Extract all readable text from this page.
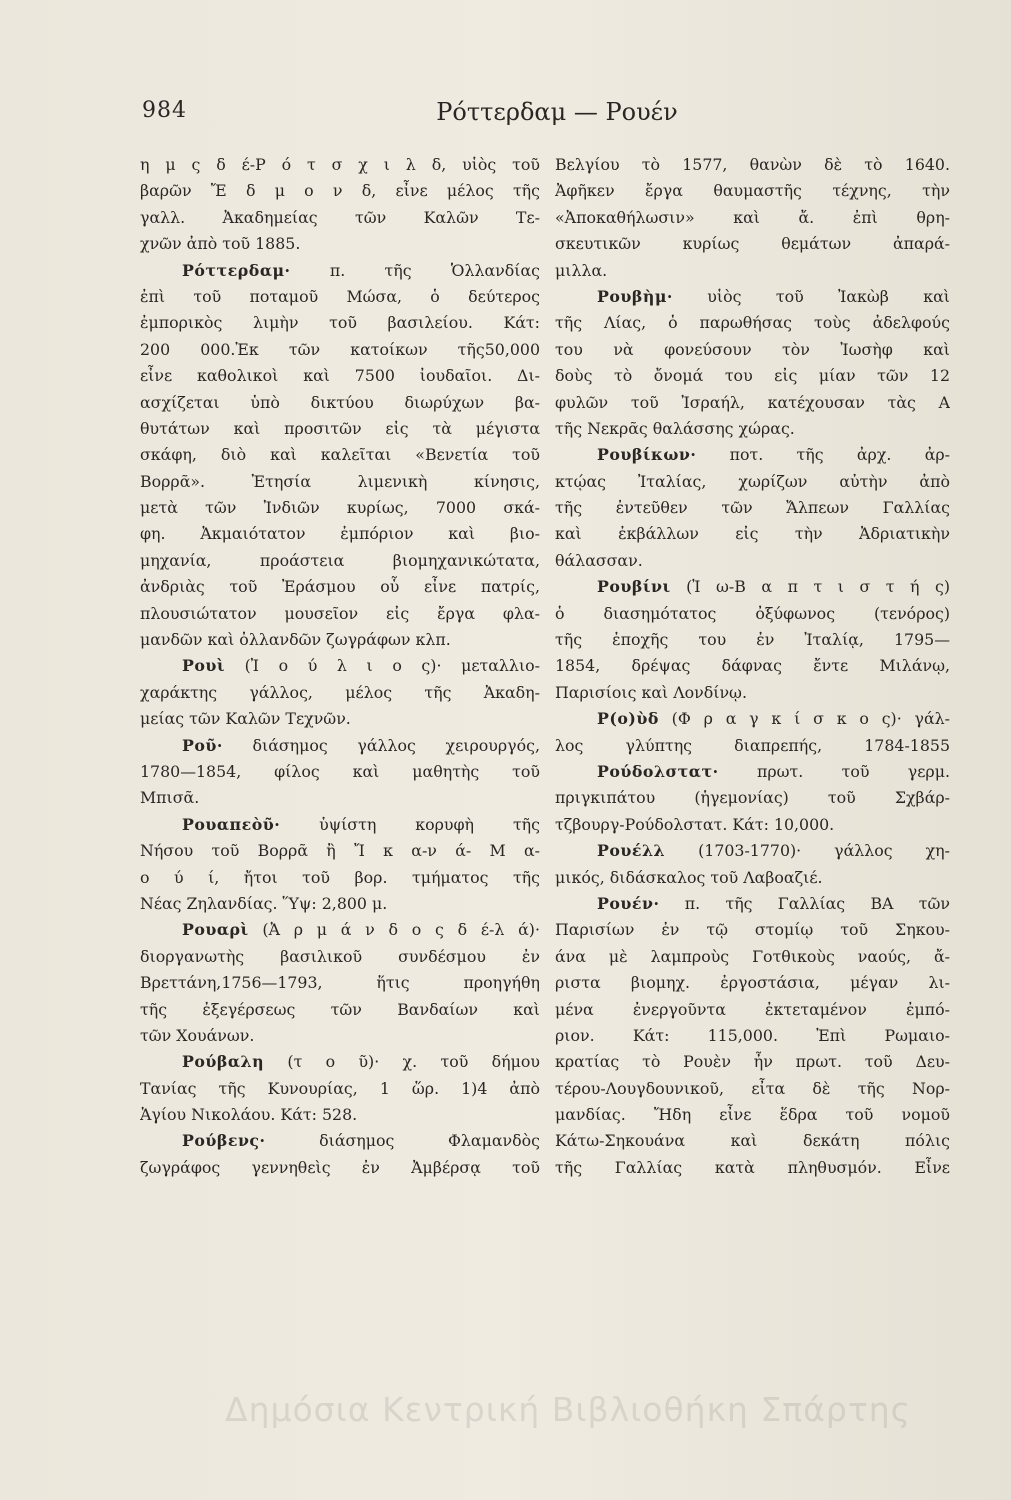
984	Ρόττερδαμ — Ρουέν
η μ ς δ έ-Ρ ό τ σ χ ι λ δ, υἱὸς τοῦ
βαρῶν Ἔ δ μ ο ν δ, εἶνε μέλος τῆς
γαλλ. Ἀκαδημείας τῶν Καλῶν Τε-
χνῶν ἀπὸ τοῦ 1885.
Ρόττερδαμ· π. τῆς Ὁλλανδίας
ἐπὶ τοῦ ποταμοῦ Μώσα, ὁ δεύτερος
ἐμπορικὸς λιμὴν τοῦ βασιλείου. Κάτ:
200 000.Ἐκ τῶν κατοίκων τῆς50,000
εἶνε καθολικοὶ καὶ 7500 ἰουδαῖοι. Δι-
ασχίζεται ὑπὸ δικτύου διωρύχων βα-
θυτάτων καὶ προσιτῶν εἰς τὰ μέγιστα
σκάφη, διὸ καὶ καλεῖται «Βενετία τοῦ
Βορρᾶ». Ἐτησία λιμενικὴ κίνησις,
μετὰ τῶν Ἰνδιῶν κυρίως, 7000 σκά-
φη. Ἀκμαιότατον ἐμπόριον καὶ βιο-
μηχανία, προάστεια βιομηχανικώτατα,
ἀνδριὰς τοῦ Ἐράσμου οὗ εἶνε πατρίς,
πλουσιώτατον μουσεῖον εἰς ἔργα φλα-
μανδῶν καὶ ὀλλανδῶν ζωγράφων κλπ.
Ρουὶ (Ἰ ο ύ λ ι ο ς)· μεταλλιο-
χαράκτης γάλλος, μέλος τῆς Ἀκαδη-
μείας τῶν Καλῶν Τεχνῶν.
Ροῦ· διάσημος γάλλος χειρουργός,
1780—1854, φίλος καὶ μαθητὴς τοῦ
Μπισᾶ.
Ρουαπεὸῦ· ὑψίστη κορυφὴ τῆς
Νήσου τοῦ Βορρᾶ ἢ Ἴ κ α-ν ά- Μ α-
ο ύ ί, ἤτοι τοῦ βορ. τμήματος τῆς
Νέας Ζηλανδίας. Ὕψ: 2,800 μ.
Ρουαρὶ (Ἀ ρ μ ά ν δ ο ς δ έ-λ ά)·
διοργανωτὴς βασιλικοῦ συνδέσμου ἐν
Βρεττάνη,1756—1793, ἥτις προηγήθη
τῆς ἐξεγέρσεως τῶν Βανδαίων καὶ
τῶν Χουάνων.
Ρούβαλη (τ ο ῦ)· χ. τοῦ δήμου
Τανίας τῆς Κυνουρίας, 1 ὥρ. 1)4 ἀπὸ
Ἁγίου Νικολάου. Κάτ: 528.
Ρούβενς· διάσημος Φλαμανδὸς
ζωγράφος γεννηθεὶς ἐν Ἀμβέρσᾳ τοῦ
Βελγίου τὸ 1577, θανὼν δὲ τὸ 1640.
Ἀφῆκεν ἔργα θαυμαστῆς τέχνης, τὴν
«Ἀποκαθήλωσιν» καὶ ἄ. ἐπὶ θρη-
σκευτικῶν κυρίως θεμάτων ἀπαρά-
μιλλα.
Ρουβὴμ· υἱὸς τοῦ Ἰακὼβ καὶ
τῆς Λίας, ὁ παρωθήσας τοὺς ἀδελφούς
του νὰ φονεύσουν τὸν Ἰωσὴφ καὶ
δοὺς τὸ ὄνομά του εἰς μίαν τῶν 12
φυλῶν τοῦ Ἰσραήλ, κατέχουσαν τὰς Α
τῆς Νεκρᾶς θαλάσσης χώρας.
Ρουβίκων· ποτ. τῆς ἀρχ. ἀρ-
κτῴας Ἰταλίας, χωρίζων αὐτὴν ἀπὸ
τῆς ἐντεῦθεν τῶν Ἄλπεων Γαλλίας
καὶ ἐκβάλλων εἰς τὴν Ἀδριατικὴν
θάλασσαν.
Ρουβίνι (Ἰ ω-Β α π τ ι σ τ ή ς)
ὁ διασημότατος ὀξύφωνος (τενόρος)
τῆς ἐποχῆς του ἐν Ἰταλίᾳ, 1795—
1854, δρέψας δάφνας ἔντε Μιλάνῳ,
Παρισίοις καὶ Λονδίνῳ.
Ρ(ο)ὺδ (Φ ρ α γ κ ί σ κ ο ς)· γάλ-
λος γλύπτης διαπρεπής, 1784-1855
Ρούδολστατ· πρωτ. τοῦ γερμ.
πριγκιπάτου (ἡγεμονίας) τοῦ Σχβάρ-
τζβουργ-Ρούδολστατ. Κάτ: 10,000.
Ρουέλλ (1703-1770)· γάλλος χη-
μικός, διδάσκαλος τοῦ Λαβοαζιέ.
Ρουέν· π. τῆς Γαλλίας ΒΑ τῶν
Παρισίων ἐν τῷ στομίῳ τοῦ Σηκου-
άνα μὲ λαμπροὺς Γοτθικοὺς ναούς, ἄ-
ριστα βιομηχ. ἐργοστάσια, μέγαν λι-
μένα ἐνεργοῦντα ἐκτεταμένον ἐμπό-
ριον. Κάτ: 115,000. Ἐπὶ Ρωμαιο-
κρατίας τὸ Ρουὲν ἦν πρωτ. τοῦ Δευ-
τέρου-Λουγδουνικοῦ, εἶτα δὲ τῆς Νορ-
μανδίας. Ἤδη εἶνε ἕδρα τοῦ νομοῦ
Κάτω-Σηκουάνα καὶ δεκάτη πόλις
τῆς Γαλλίας κατὰ πληθυσμόν. Εἶνε
Δημόσια Κεντρική Βιβλιοθήκη Σπάρτης
